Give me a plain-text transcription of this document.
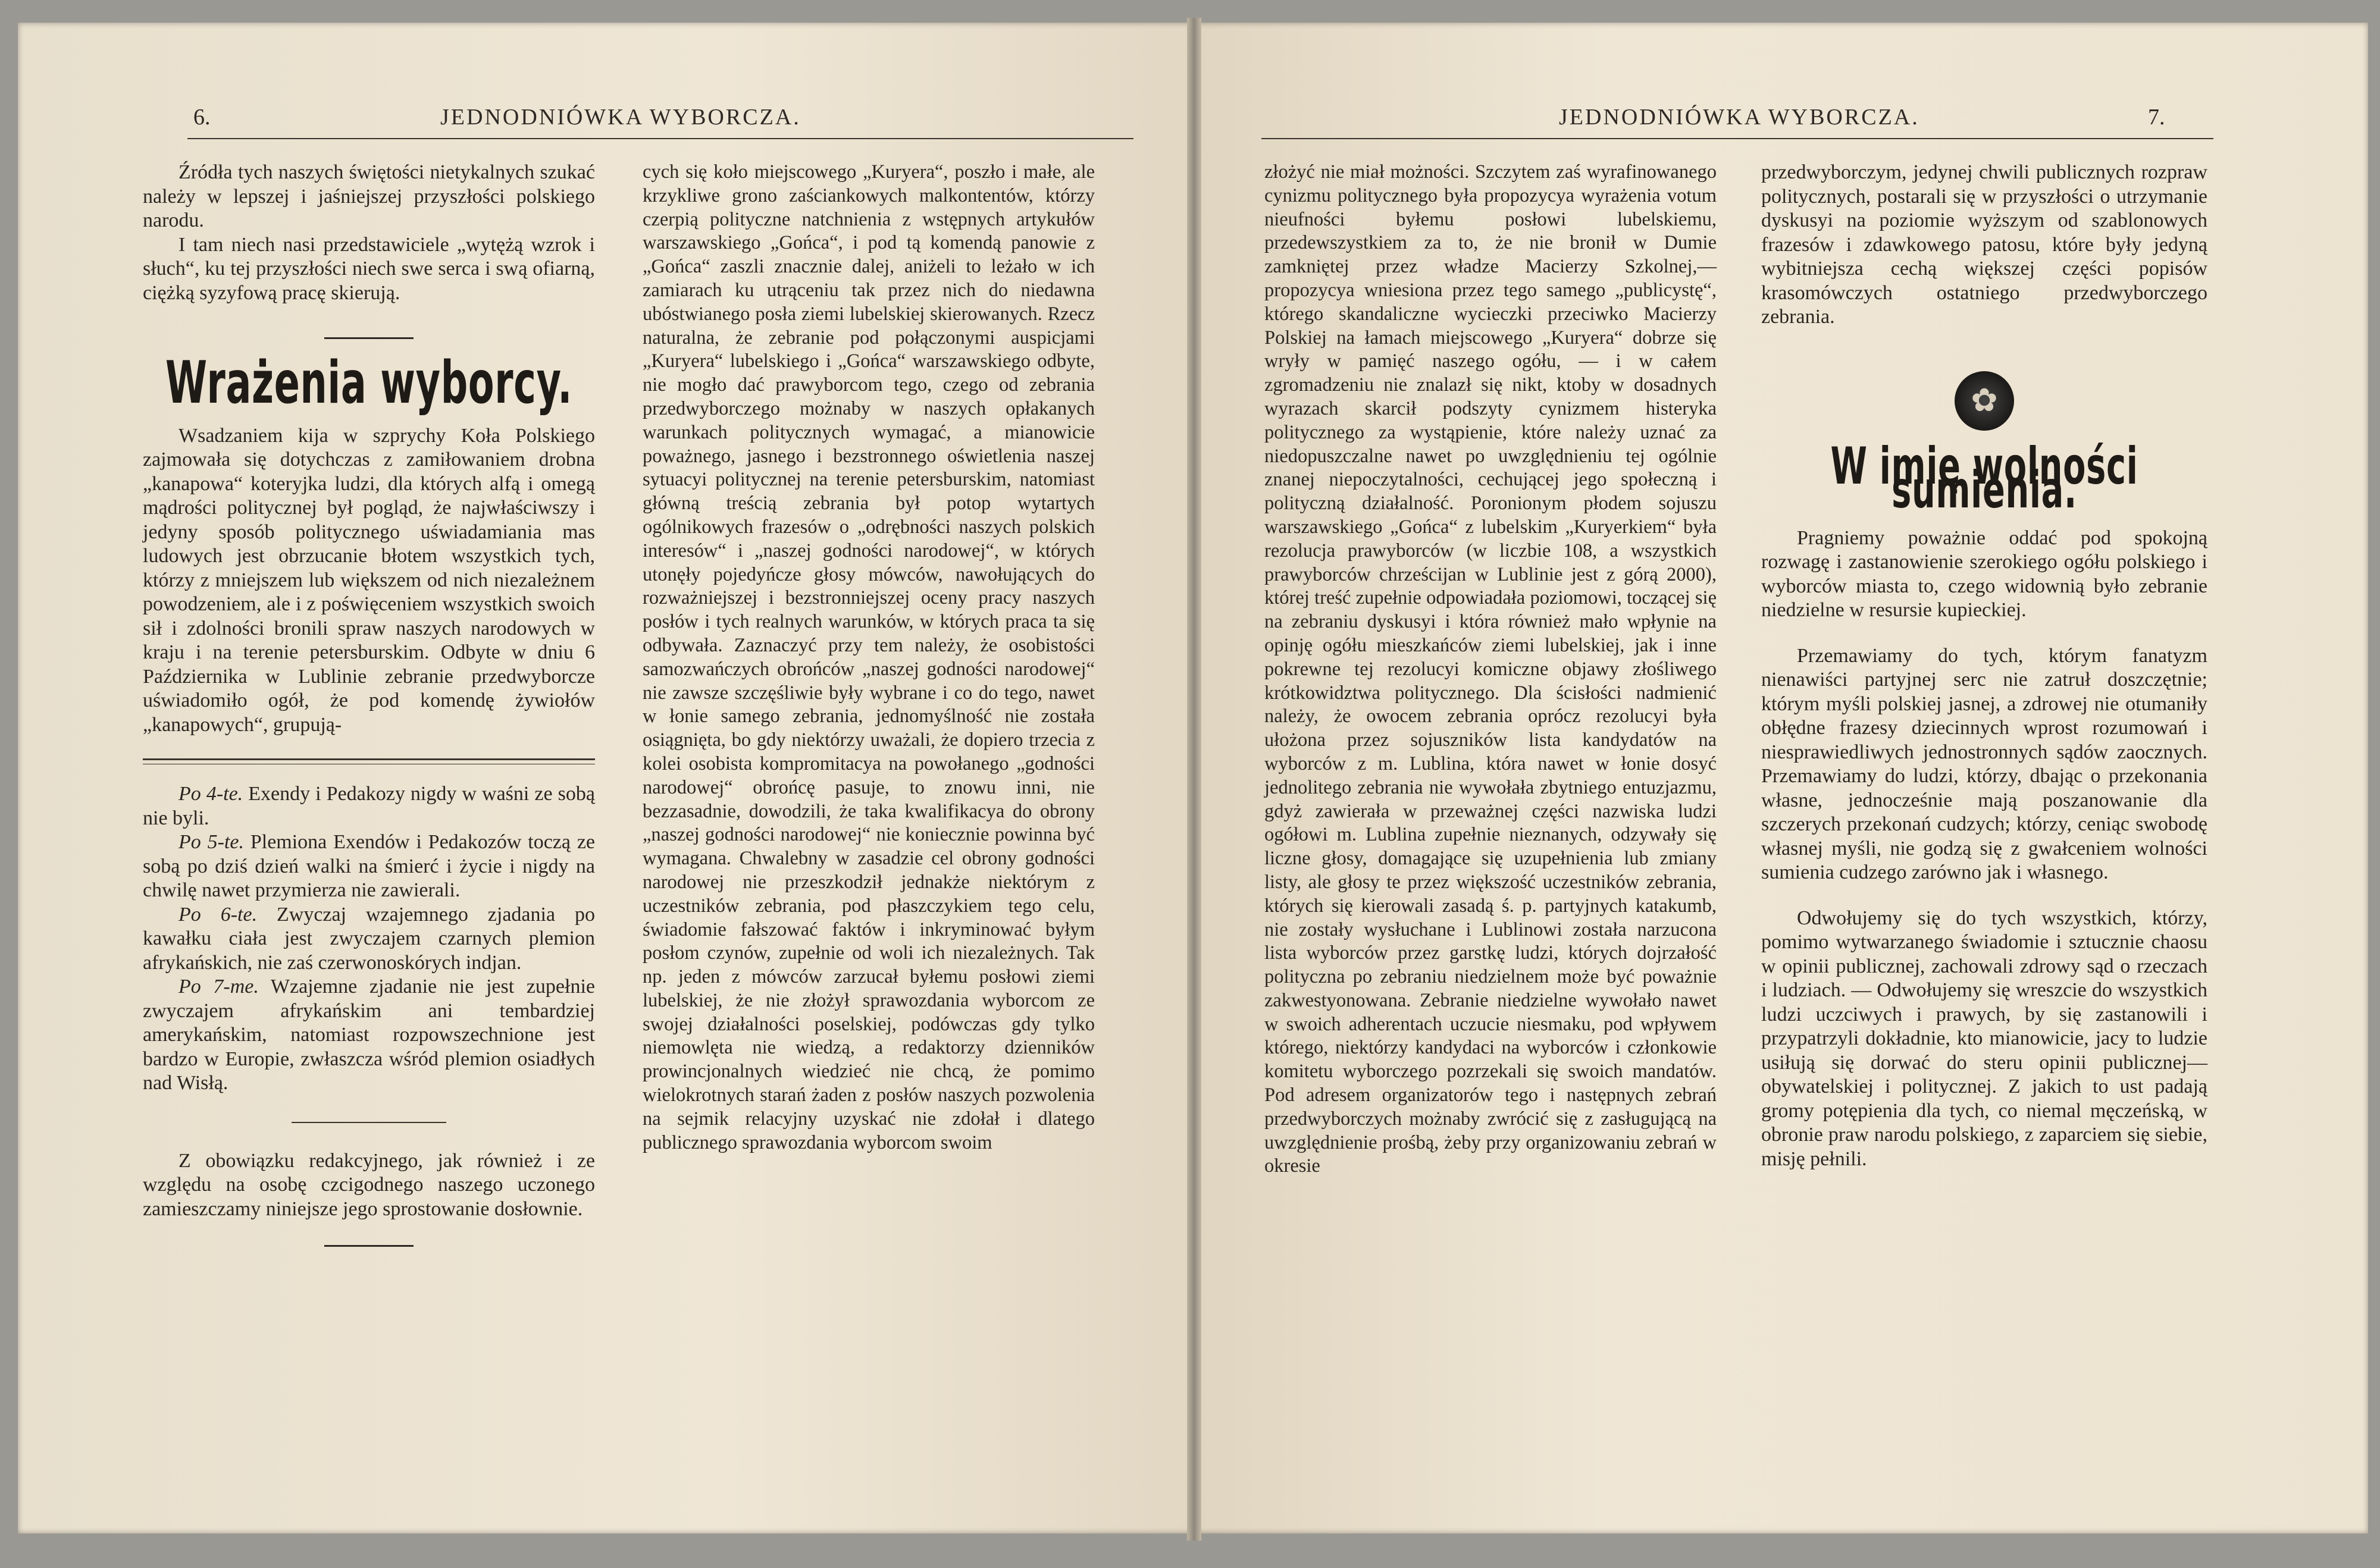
6.	JEDNODNIÓWKA WYBORCZA.	JEDNODNIÓWKA WYBORCZA.	7.

Źródła tych naszych świętości nietykalnych szukać należy w lepszej i jaśniejszej przyszłości polskiego narodu.

I tam niech nasi przedstawiciele „wytężą wzrok i słuch“, ku tej przyszłości niech swe serca i swą ofiarną, ciężką syzyfową pracę skierują.

Wrażenia wyborcy.

Wsadzaniem kija w szprychy Koła Polskiego zajmowała się dotychczas z zamiłowaniem drobna „kanapowa“ koteryjka ludzi, dla których alfą i omegą mądrości politycznej był pogląd, że najwłaściwszy i jedyny sposób politycznego uświadamiania mas ludowych jest obrzucanie błotem wszystkich tych, którzy z mniejszem lub większem od nich niezależnem powodzeniem, ale i z poświęceniem wszystkich swoich sił i zdolności bronili spraw naszych narodowych w kraju i na terenie petersburskim. Odbyte w dniu 6 Października w Lublinie zebranie przedwyborcze uświadomiło ogół, że pod komendę żywiołów „kanapowych“, grupują-

Po 4-te. Exendy i Pedakozy nigdy w waśni ze sobą nie byli.

Po 5-te. Plemiona Exendów i Pedakozów toczą ze sobą po dziś dzień walki na śmierć i życie i nigdy na chwilę nawet przymierza nie zawierali.

Po 6-te. Zwyczaj wzajemnego zjadania po kawałku ciała jest zwyczajem czarnych plemion afrykańskich, nie zaś czerwonoskórych indjan.

Po 7-me. Wzajemne zjadanie nie jest zupełnie zwyczajem afrykańskim ani tembardziej amerykańskim, natomiast rozpowszechnione jest bardzo w Europie, zwłaszcza wśród plemion osiadłych nad Wisłą.

Z obowiązku redakcyjnego, jak również i ze względu na osobę czcigodnego naszego uczonego zamieszczamy niniejsze jego sprostowanie dosłownie.

cych się koło miejscowego „Kuryera“, poszło i małe, ale krzykliwe grono zaściankowych malkontentów, którzy czerpią polityczne natchnienia z wstępnych artykułów warszawskiego „Gońca“, i pod tą komendą panowie z „Gońca“ zaszli znacznie dalej, aniżeli to leżało w ich zamiarach ku utrąceniu tak przez nich do niedawna ubóstwianego posła ziemi lubelskiej skierowanych. Rzecz naturalna, że zebranie pod połączonymi auspicjami „Kuryera“ lubelskiego i „Gońca“ warszawskiego odbyte, nie mogło dać prawyborcom tego, czego od zebrania przedwyborczego możnaby w naszych opłakanych warunkach politycznych wymagać, a mianowicie poważnego, jasnego i bezstronnego oświetlenia naszej sytuacyi politycznej na terenie petersburskim, natomiast główną treścią zebrania był potop wytartych ogólnikowych frazesów o „odrębności naszych polskich interesów“ i „naszej godności narodowej“, w których utonęły pojedyńcze głosy mówców, nawołujących do rozważniejszej i bezstronniejszej oceny pracy naszych posłów i tych realnych warunków, w których praca ta się odbywała. Zaznaczyć przy tem należy, że osobistości samozwańczych obrońców „naszej godności narodowej“ nie zawsze szczęśliwie były wybrane i co do tego, nawet w łonie samego zebrania, jednomyślność nie została osiągnięta, bo gdy niektórzy uważali, że dopiero trzecia z kolei osobista kompromitacya na powołanego „godności narodowej“ obrońcę pasuje, to znowu inni, nie bezzasadnie, dowodzili, że taka kwalifikacya do obrony „naszej godności narodowej“ nie koniecznie powinna być wymagana. Chwalebny w zasadzie cel obrony godności narodowej nie przeszkodził jednakże niektórym z uczestników zebrania, pod płaszczykiem tego celu, świadomie fałszować faktów i inkryminować byłym posłom czynów, zupełnie od woli ich niezależnych. Tak np. jeden z mówców zarzucał byłemu posłowi ziemi lubelskiej, że nie złożył sprawozdania wyborcom ze swojej działalności poselskiej, podówczas gdy tylko niemowlęta nie wiedzą, a redaktorzy dzienników prowincjonalnych wiedzieć nie chcą, że pomimo wielokrotnych starań żaden z posłów naszych pozwolenia na sejmik relacyjny uzyskać nie zdołał i dlatego publicznego sprawozdania wyborcom swoim

złożyć nie miał możności. Szczytem zaś wyrafinowanego cynizmu politycznego była propozycya wyrażenia votum nieufności byłemu posłowi lubelskiemu, przedewszystkiem za to, że nie bronił w Dumie zamkniętej przez władze Macierzy Szkolnej,—propozycya wniesiona przez tego samego „publicystę“, którego skandaliczne wycieczki przeciwko Macierzy Polskiej na łamach miejscowego „Kuryera“ dobrze się wryły w pamięć naszego ogółu, — i w całem zgromadzeniu nie znalazł się nikt, ktoby w dosadnych wyrazach skarcił podszyty cynizmem histeryka politycznego za wystąpienie, które należy uznać za niedopuszczalne nawet po uwzględnieniu tej ogólnie znanej niepoczytalności, cechującej jego społeczną i polityczną działalność. Poronionym płodem sojuszu warszawskiego „Gońca“ z lubelskim „Kuryerkiem“ była rezolucja prawyborców (w liczbie 108, a wszystkich prawyborców chrześcijan w Lublinie jest z górą 2000), której treść zupełnie odpowiadała poziomowi, toczącej się na zebraniu dyskusyi i która również mało wpłynie na opinję ogółu mieszkańców ziemi lubelskiej, jak i inne pokrewne tej rezolucyi komiczne objawy złośliwego krótkowidztwa politycznego. Dla ścisłości nadmienić należy, że owocem zebrania oprócz rezolucyi była ułożona przez sojuszników lista kandydatów na wyborców z m. Lublina, która nawet w łonie dosyć jednolitego zebrania nie wywołała zbytniego entuzjazmu, gdyż zawierała w przeważnej części nazwiska ludzi ogółowi m. Lublina zupełnie nieznanych, odzywały się liczne głosy, domagające się uzupełnienia lub zmiany listy, ale głosy te przez większość uczestników zebrania, których się kierowali zasadą ś. p. partyjnych katakumb, nie zostały wysłuchane i Lublinowi została narzucona lista wyborców przez garstkę ludzi, których dojrzałość polityczna po zebraniu niedzielnem może być poważnie zakwestyonowana. Zebranie niedzielne wywołało nawet w swoich adherentach uczucie niesmaku, pod wpływem którego, niektórzy kandydaci na wyborców i członkowie komitetu wyborczego pozrzekali się swoich mandatów. Pod adresem organizatorów tego i następnych zebrań przedwyborczych możnaby zwrócić się z zasługującą na uwzględnienie prośbą, żeby przy organizowaniu zebrań w okresie

przedwyborczym, jedynej chwili publicznych rozpraw politycznych, postarali się w przyszłości o utrzymanie dyskusyi na poziomie wyższym od szablonowych frazesów i zdawkowego patosu, które były jedyną wybitniejsza cechą większej części popisów krasomówczych ostatniego przedwyborczego zebrania.

✿
W imię wolności sumienia.

Pragniemy poważnie oddać pod spokojną rozwagę i zastanowienie szerokiego ogółu polskiego i wyborców miasta to, czego widownią było zebranie niedzielne w resursie kupieckiej.

Przemawiamy do tych, którym fanatyzm nienawiści partyjnej serc nie zatruł doszczętnie; którym myśli polskiej jasnej, a zdrowej nie otumaniły obłędne frazesy dziecinnych wprost rozumowań i niesprawiedliwych jednostronnych sądów zaocznych. Przemawiamy do ludzi, którzy, dbając o przekonania własne, jednocześnie mają poszanowanie dla szczerych przekonań cudzych; którzy, ceniąc swobodę własnej myśli, nie godzą się z gwałceniem wolności sumienia cudzego zarówno jak i własnego.

Odwołujemy się do tych wszystkich, którzy, pomimo wytwarzanego świadomie i sztucznie chaosu w opinii publicznej, zachowali zdrowy sąd o rzeczach i ludziach. — Odwołujemy się wreszcie do wszystkich ludzi uczciwych i prawych, by się zastanowili i przypatrzyli dokładnie, kto mianowicie, jacy to ludzie usiłują się dorwać do steru opinii publicznej—obywatelskiej i politycznej. Z jakich to ust padają gromy potępienia dla tych, co niemal męczeńską, w obronie praw narodu polskiego, z zaparciem się siebie, misję pełnili.
